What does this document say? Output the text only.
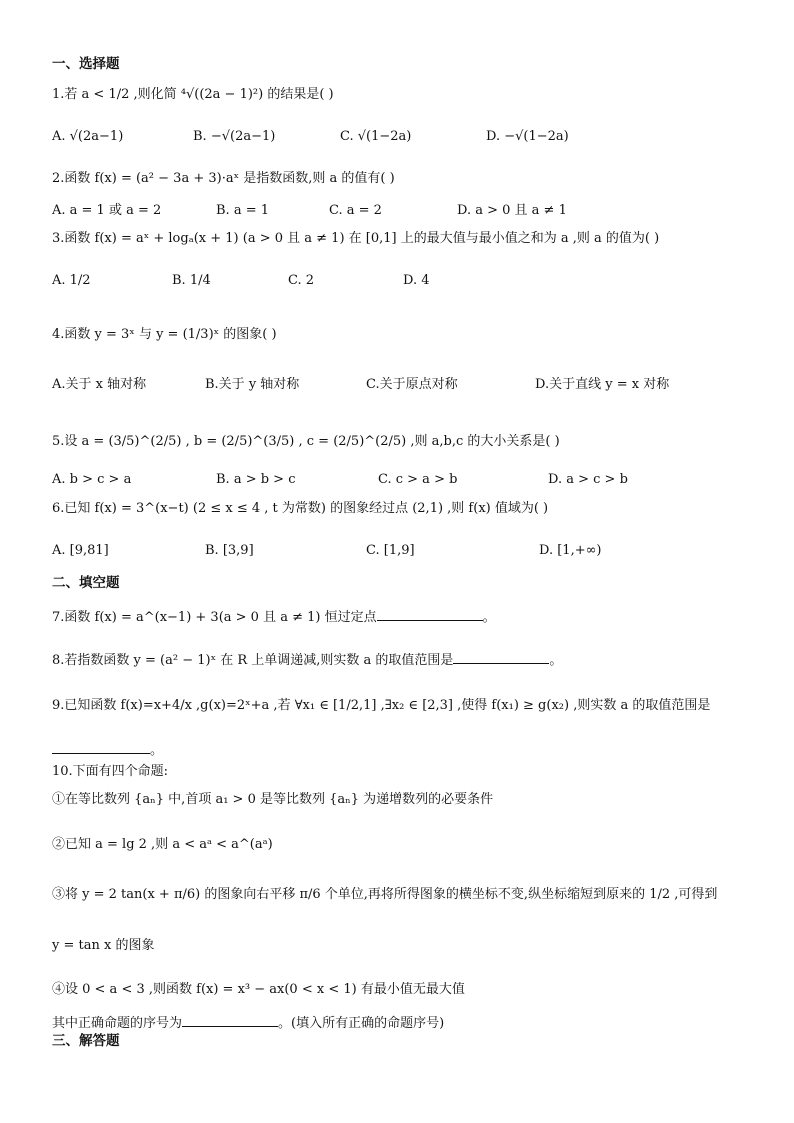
一、选择题
1.若 a < 1/2 ,则化简 ⁴√((2a − 1)²) 的结果是( )
A. √(2a−1)	B. −√(2a−1)	C. √(1−2a)	D. −√(1−2a)
2.函数 f(x) = (a² − 3a + 3)·aˣ 是指数函数,则 a 的值有( )
A. a = 1 或 a = 2	B. a = 1	C. a = 2	D. a > 0 且 a ≠ 1
3.函数 f(x) = aˣ + logₐ(x + 1) (a > 0 且 a ≠ 1) 在 [0,1] 上的最大值与最小值之和为 a ,则 a 的值为( )
A. 1/2	B. 1/4	C. 2	D. 4
4.函数 y = 3ˣ 与 y = (1/3)ˣ 的图象( )
A.关于 x 轴对称	B.关于 y 轴对称	C.关于原点对称	D.关于直线 y = x 对称
5.设 a = (3/5)^(2/5) , b = (2/5)^(3/5) , c = (2/5)^(2/5) ,则 a,b,c 的大小关系是( )
A. b > c > a	B. a > b > c	C. c > a > b	D. a > c > b
6.已知 f(x) = 3^(x−t) (2 ≤ x ≤ 4 , t 为常数) 的图象经过点 (2,1) ,则 f(x) 值域为( )
A. [9,81]	B. [3,9]	C. [1,9]	D. [1,+∞)
二、填空题
7.函数 f(x) = a^(x−1) + 3(a > 0 且 a ≠ 1) 恒过定点	。
8.若指数函数 y = (a² − 1)ˣ 在 R 上单调递减,则实数 a 的取值范围是	。
9.已知函数 f(x)=x+4/x ,g(x)=2ˣ+a ,若 ∀x₁ ∈ [1/2,1] ,∃x₂ ∈ [2,3] ,使得 f(x₁) ≥ g(x₂) ,则实数 a 的取值范围是
。
10.下面有四个命题:
①在等比数列 {aₙ} 中,首项 a₁ > 0 是等比数列 {aₙ} 为递增数列的必要条件
②已知 a = lg 2 ,则 a < aᵃ < a^(aᵃ)
③将 y = 2 tan(x + π/6) 的图象向右平移 π/6 个单位,再将所得图象的横坐标不变,纵坐标缩短到原来的 1/2 ,可得到
y = tan x 的图象
④设 0 < a < 3 ,则函数 f(x) = x³ − ax(0 < x < 1) 有最小值无最大值
其中正确命题的序号为	。(填入所有正确的命题序号)
三、解答题
